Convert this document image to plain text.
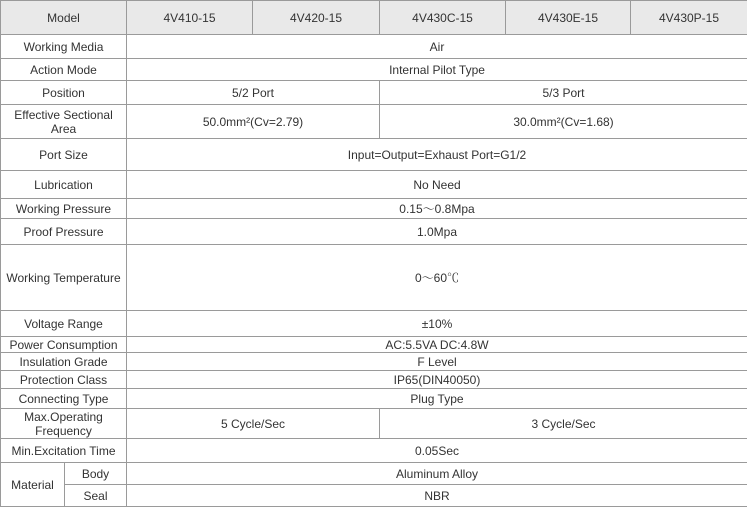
Model		4V410-15	4V420-15	4V430C-15	4V430E-15	4V430P-15
Working Media		Air				
Action Mode		Internal Pilot Type				
Position		5/2 Port		5/3 Port		
Effective Sectional Area		50.0mm²(Cv=2.79)		30.0mm²(Cv=1.68)		
Port Size		Input=Output=Exhaust Port=G1/2				
Lubrication		No Need				
Working Pressure		0.15～0.8Mpa				
Proof Pressure		1.0Mpa				
Working Temperature		0～60℃				
Voltage Range		±10%				
Power Consumption		AC:5.5VA DC:4.8W				
Insulation Grade		F Level				
Protection Class		IP65(DIN40050)				
Connecting Type		Plug Type				
Max.Operating Frequency		5 Cycle/Sec		3 Cycle/Sec		
Min.Excitation Time		0.05Sec				
Material	Body	Aluminum Alloy				
	Seal	NBR				
